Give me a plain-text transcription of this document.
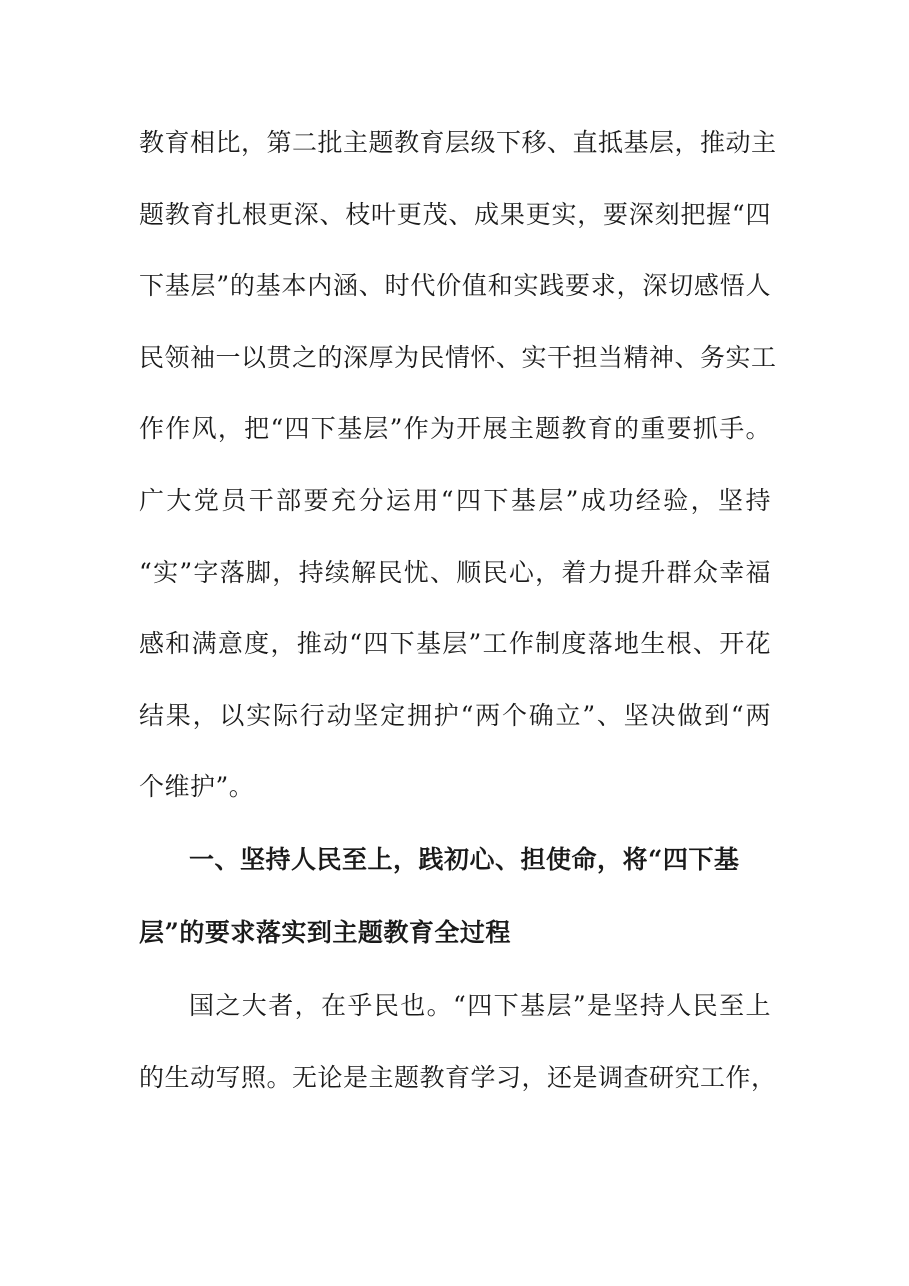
教育相比，第二批主题教育层级下移、直抵基层，推动主
题教育扎根更深、枝叶更茂、成果更实，要深刻把握“四
下基层”的基本内涵、时代价值和实践要求，深切感悟人
民领袖一以贯之的深厚为民情怀、实干担当精神、务实工
作作风，把“四下基层”作为开展主题教育的重要抓手。
广大党员干部要充分运用“四下基层”成功经验，坚持
“实”字落脚，持续解民忧、顺民心，着力提升群众幸福
感和满意度，推动“四下基层”工作制度落地生根、开花
结果，以实际行动坚定拥护“两个确立”、坚决做到“两
个维护”。
一、坚持人民至上，践初心、担使命，将“四下基
层”的要求落实到主题教育全过程
国之大者，在乎民也。“四下基层”是坚持人民至上
的生动写照。无论是主题教育学习，还是调查研究工作，
